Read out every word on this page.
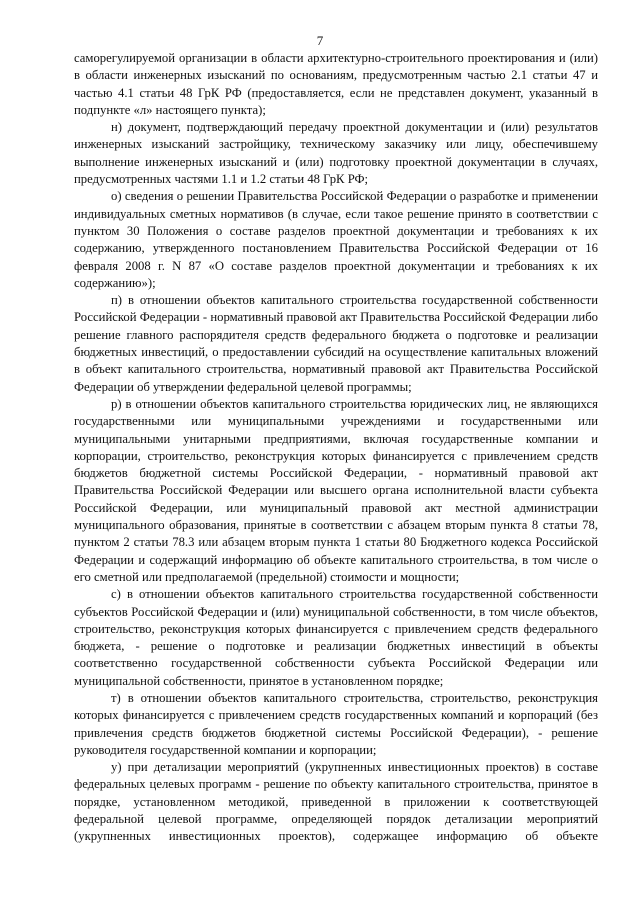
7

саморегулируемой организации в области архитектурно-строительного проектирования и (или) в области инженерных изысканий по основаниям, предусмотренным частью 2.1 статьи 47 и частью 4.1 статьи 48 ГрК РФ (предоставляется, если не представлен документ, указанный в подпункте «л» настоящего пункта);

н) документ, подтверждающий передачу проектной документации и (или) результатов инженерных изысканий застройщику, техническому заказчику или лицу, обеспечившему выполнение инженерных изысканий и (или) подготовку проектной документации в случаях, предусмотренных частями 1.1 и 1.2 статьи 48 ГрК РФ;

о) сведения о решении Правительства Российской Федерации о разработке и применении индивидуальных сметных нормативов (в случае, если такое решение принято в соответствии с пунктом 30 Положения о составе разделов проектной документации и требованиях к их содержанию, утвержденного постановлением Правительства Российской Федерации от 16 февраля 2008 г. N 87 «О составе разделов проектной документации и требованиях к их содержанию»);

п) в отношении объектов капитального строительства государственной собственности Российской Федерации - нормативный правовой акт Правительства Российской Федерации либо решение главного распорядителя средств федерального бюджета о подготовке и реализации бюджетных инвестиций, о предоставлении субсидий на осуществление капитальных вложений в объект капитального строительства, нормативный правовой акт Правительства Российской Федерации об утверждении федеральной целевой программы;

р) в отношении объектов капитального строительства юридических лиц, не являющихся государственными или муниципальными учреждениями и государственными или муниципальными унитарными предприятиями, включая государственные компании и корпорации, строительство, реконструкция которых финансируется с привлечением средств бюджетов бюджетной системы Российской Федерации, - нормативный правовой акт Правительства Российской Федерации или высшего органа исполнительной власти субъекта Российской Федерации, или муниципальный правовой акт местной администрации муниципального образования, принятые в соответствии с абзацем вторым пункта 8 статьи 78, пунктом 2 статьи 78.3 или абзацем вторым пункта 1 статьи 80 Бюджетного кодекса Российской Федерации и содержащий информацию об объекте капитального строительства, в том числе о его сметной или предполагаемой (предельной) стоимости и мощности;

с) в отношении объектов капитального строительства государственной собственности субъектов Российской Федерации и (или) муниципальной собственности, в том числе объектов, строительство, реконструкция которых финансируется с привлечением средств федерального бюджета, - решение о подготовке и реализации бюджетных инвестиций в объекты соответственно государственной собственности субъекта Российской Федерации или муниципальной собственности, принятое в установленном порядке;

т) в отношении объектов капитального строительства, строительство, реконструкция которых финансируется с привлечением средств государственных компаний и корпораций (без привлечения средств бюджетов бюджетной системы Российской Федерации), - решение руководителя государственной компании и корпорации;

у) при детализации мероприятий (укрупненных инвестиционных проектов) в составе федеральных целевых программ - решение по объекту капитального строительства, принятое в порядке, установленном методикой, приведенной в приложении к соответствующей федеральной целевой программе, определяющей порядок детализации мероприятий (укрупненных инвестиционных проектов), содержащее информацию об объекте
